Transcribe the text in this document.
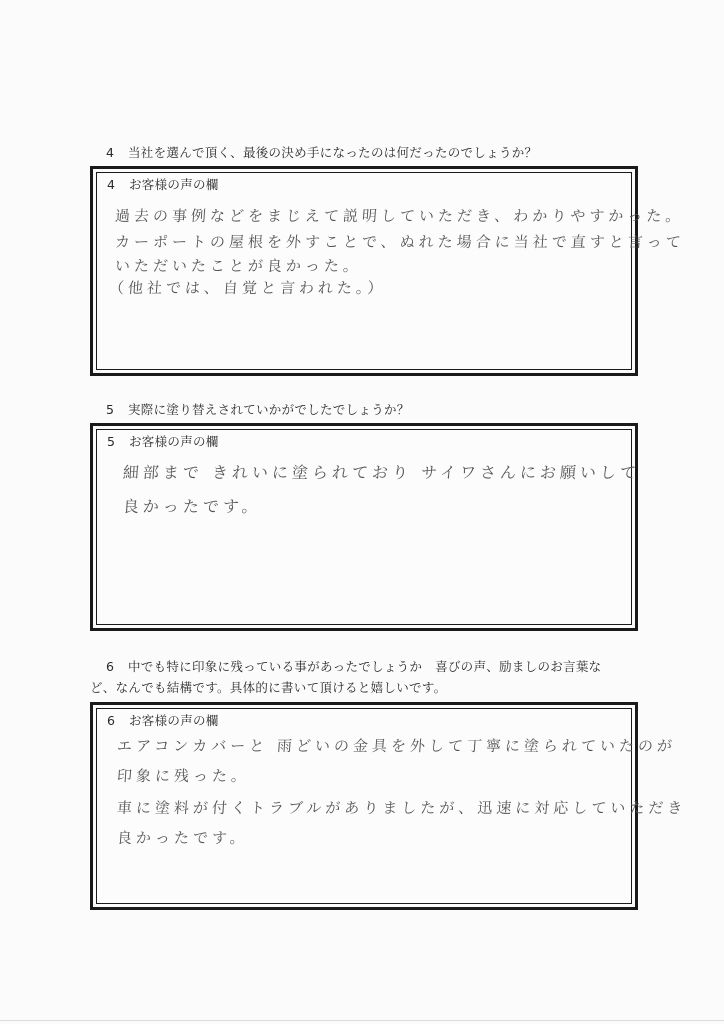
4 当社を選んで頂く、最後の決め手になったのは何だったのでしょうか？
4 お客様の声の欄
過去の事例などをまじえて説明していただき、わかりやすかった。
カーポートの屋根を外すことで、ぬれた場合に当社で直すと言って
いただいたことが良かった。
（他社では、自覚と言われた。）
5 実際に塗り替えされていかがでしたでしょうか？
5 お客様の声の欄
細部まで きれいに塗られており サイワさんにお願いして
良かったです。
6 中でも特に印象に残っている事があったでしょうか　喜びの声、励ましのお言葉な
ど、なんでも結構です。具体的に書いて頂けると嬉しいです。
6 お客様の声の欄
エアコンカバーと 雨どいの金具を外して丁寧に塗られていたのが
印象に残った。
車に塗料が付くトラブルがありましたが、迅速に対応していただき
良かったです。
